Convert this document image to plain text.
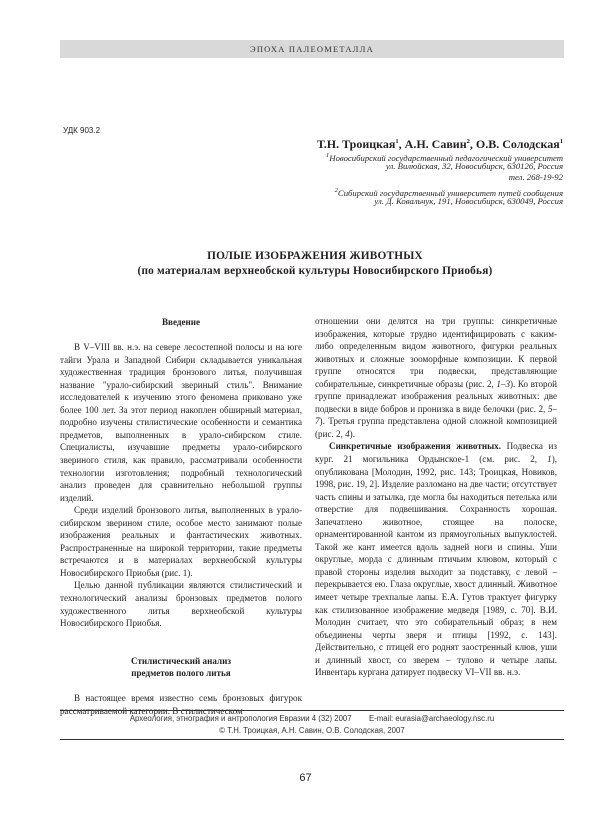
ЭПОХА ПАЛЕОМЕТАЛЛА
УДК 903.2
Т.Н. Троицкая$^1$, А.Н. Савин$^2$, О.В. Солодская$^1$
$^1$Новосибирский государственный педагогический университет
ул. Вилюйская, 32, Новосибирск, 630126, Россия
тел. 268-19-92
$^2$Сибирский государственный университет путей сообщения
ул. Д. Ковальчук, 191, Новосибирск, 630049, Россия
ПОЛЫЕ ИЗОБРАЖЕНИЯ ЖИВОТНЫХ
(по материалам верхнеобской культуры Новосибирского Приобья)

Введение

В V–VIII вв. н.э. на севере лесостепной полосы и на юге тайги Урала и Западной Сибири складывается уникальная художественная традиция бронзового литья, получившая название "урало-сибирский звериный стиль". Внимание исследователей к изучению этого феномена приковано уже более 100 лет. За этот период накоплен обширный материал, подробно изучены стилистические особенности и семантика предметов, выполненных в урало-сибирском стиле. Специалисты, изучавшие предметы урало-сибирского звериного стиля, как правило, рассматривали особенности технологии изготовления; подробный технологический анализ проведен для сравнительно небольшой группы изделий.

Среди изделий бронзового литья, выполненных в урало-сибирском зверином стиле, особое место занимают полые изображения реальных и фантастических животных. Распространенные на широкой территории, такие предметы встречаются и в материалах верхнеобской культуры Новосибирского Приобья (рис. 1).

Целью данной публикации являются стилистический и технологический анализы бронзовых предметов полого художественного литья верхнеобской культуры Новосибирского Приобья.

Стилистический анализ

предметов полого литья

В настоящее время известно семь бронзовых фигурок

отношении они делятся на три группы: синкретичные изображения, которые трудно идентифицировать с каким-либо определенным видом животного, фигурки реальных животных и сложные зооморфные композиции. К первой группе относятся три подвески, представляющие собирательные, синкретичные образы (рис. 2, 1–3). Ко второй группе принадлежат изображения реальных животных: две подвески в виде бобров и пронизка в виде белочки (рис. 2, 5–7). Третья группа представлена одной сложной композицией (рис. 2, 4).

Синкретичные изображения животных. Подвеска из кург. 21 могильника Ордынское-1 (см. рис. 2, 1), опубликована [Молодин, 1992, рис. 143; Троицкая, Новиков, 1998, рис. 19, 2]. Изделие разломано на две части; отсутствует часть спины и затылка, где могла бы находиться петелька или отверстие для подвешивания. Сохранность хорошая. Запечатлено животное, стоящее на полоске, орнаментированной кантом из прямоугольных выпуклостей. Такой же кант имеется вдоль задней ноги и спины. Уши округлые, морда с длинным птичьим клювом, который с правой стороны изделия выходит за подставку, с левой – перекрывается ею. Глаза округлые, хвост длинный. Животное имеет четыре трехпалые лапы. Е.А. Гутов трактует фигурку как стилизованное изображение медведя [1989, с. 70]. В.И. Молодин считает, что это собирательный образ; в нем объединены черты зверя и птицы [1992, с. 143]. Действительно, с птицей его роднят заостренный клюв, уши и длинный хвост, со зверем – тулово и четыре лапы. Инвентарь кургана датирует подвеску VI–VII вв. н.э.

Археология, этнография и антропология Евразии 4 (32) 2007 E-mail: eurasia@archaeology.nsc.ru
© Т.Н. Троицкая, А.Н. Савин, О.В. Солодская, 2007
67
